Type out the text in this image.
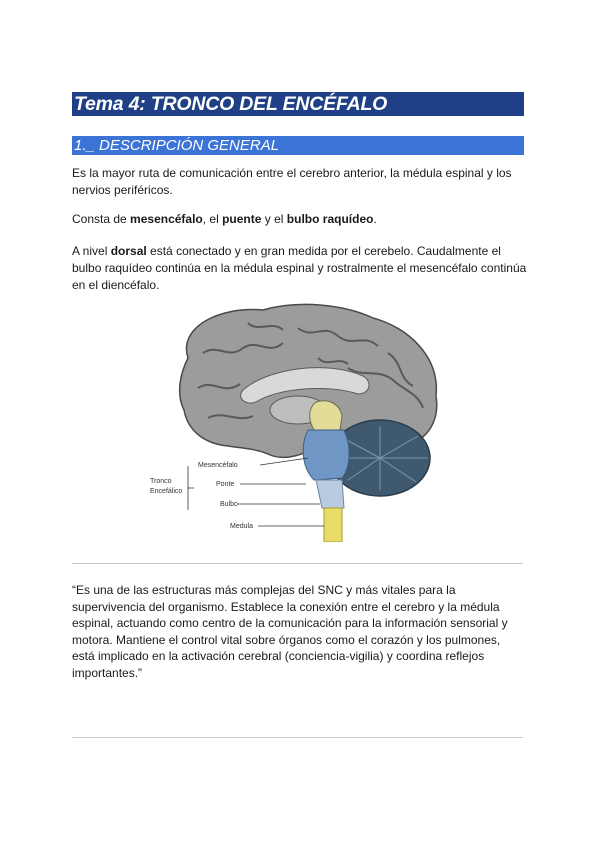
Tema 4: TRONCO DEL ENCÉFALO
1._ DESCRIPCIÓN GENERAL

Es la mayor ruta de comunicación entre el cerebro anterior, la médula espinal y los nervios periféricos.

Consta de mesencéfalo, el puente y el bulbo raquídeo.

A nivel dorsal está conectado y en gran medida por el cerebelo. Caudalmente el bulbo raquídeo continúa en la médula espinal y rostralmente el mesencéfalo continúa en el diencéfalo.

Tronco
Encefálico
Mesencéfalo
Ponte
Bulbo
Medula

“Es una de las estructuras más complejas del SNC y más vitales para la supervivencia del organismo. Establece la conexión entre el cerebro y la médula espinal, actuando como centro de la comunicación para la información sensorial y motora. Mantiene el control vital sobre órganos como el corazón y los pulmones, está implicado en la activación cerebral (conciencia-vigilia) y coordina reflejos importantes.”
